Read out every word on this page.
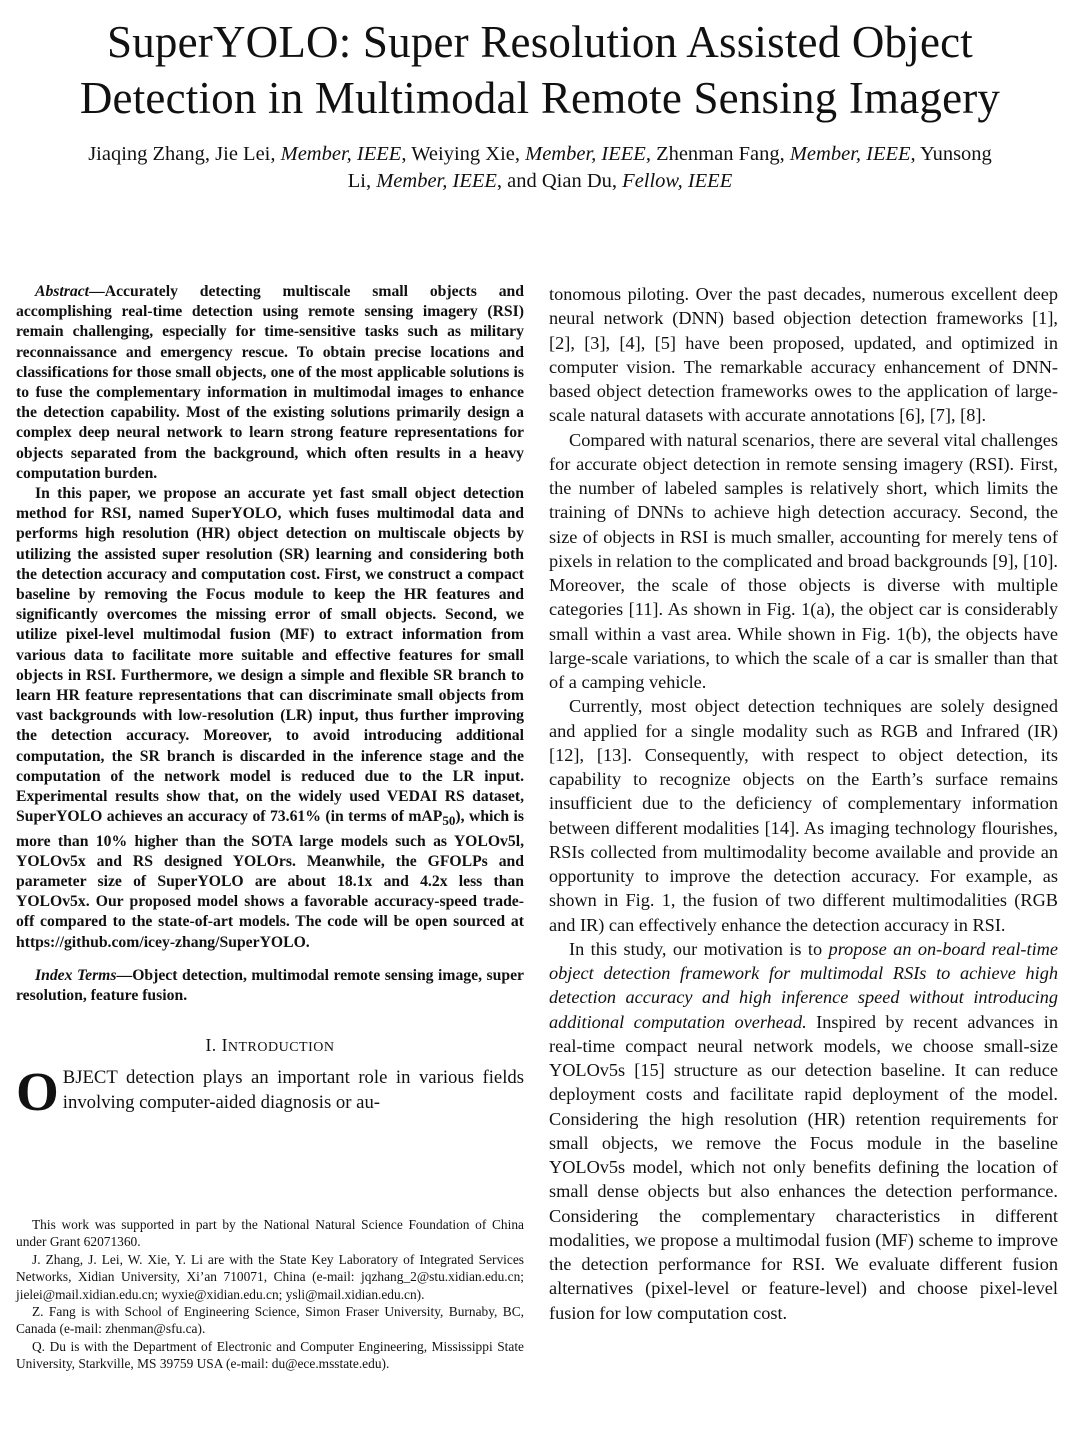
SuperYOLO: Super Resolution Assisted Object
Detection in Multimodal Remote Sensing Imagery
Jiaqing Zhang, Jie Lei, Member, IEEE, Weiying Xie, Member, IEEE, Zhenman Fang, Member, IEEE, Yunsong
Li, Member, IEEE, and Qian Du, Fellow, IEEE

Abstract—Accurately detecting multiscale small objects and accomplishing real-time detection using remote sensing imagery (RSI) remain challenging, especially for time-sensitive tasks such as military reconnaissance and emergency rescue. To obtain precise locations and classifications for those small objects, one of the most applicable solutions is to fuse the complementary information in multimodal images to enhance the detection capability. Most of the existing solutions primarily design a complex deep neural network to learn strong feature representations for objects separated from the background, which often results in a heavy computation burden.

In this paper, we propose an accurate yet fast small object detection method for RSI, named SuperYOLO, which fuses multimodal data and performs high resolution (HR) object detection on multiscale objects by utilizing the assisted super resolution (SR) learning and considering both the detection accuracy and computation cost. First, we construct a compact baseline by removing the Focus module to keep the HR features and significantly overcomes the missing error of small objects. Second, we utilize pixel-level multimodal fusion (MF) to extract information from various data to facilitate more suitable and effective features for small objects in RSI. Furthermore, we design a simple and flexible SR branch to learn HR feature representations that can discriminate small objects from vast backgrounds with low-resolution (LR) input, thus further improving the detection accuracy. Moreover, to avoid introducing additional computation, the SR branch is discarded in the inference stage and the computation of the network model is reduced due to the LR input. Experimental results show that, on the widely used VEDAI RS dataset, SuperYOLO achieves an accuracy of 73.61% (in terms of mAP$_{50}$), which is more than 10% higher than the SOTA large models such as YOLOv5l, YOLOv5x and RS designed YOLOrs. Meanwhile, the GFOLPs and parameter size of SuperYOLO are about 18.1x and 4.2x less than YOLOv5x. Our proposed model shows a favorable accuracy-speed trade-off compared to the state-of-art models. The code will be open sourced at https://github.com/icey-zhang/SuperYOLO.

Index Terms—Object detection, multimodal remote sensing image, super resolution, feature fusion.
I. INTRODUCTION

OBJECT detection plays an important role in various fields involving computer-aided diagnosis or au-

This work was supported in part by the National Natural Science Foundation of China under Grant 62071360.

J. Zhang, J. Lei, W. Xie, Y. Li are with the State Key Laboratory of Integrated Services Networks, Xidian University, Xi’an 710071, China (e-mail: jqzhang_2@stu.xidian.edu.cn; jielei@mail.xidian.edu.cn; wyxie@xidian.edu.cn; ysli@mail.xidian.edu.cn).

Z. Fang is with School of Engineering Science, Simon Fraser University, Burnaby, BC, Canada (e-mail: zhenman@sfu.ca).

Q. Du is with the Department of Electronic and Computer Engineering, Mississippi State University, Starkville, MS 39759 USA (e-mail: du@ece.msstate.edu).

tonomous piloting. Over the past decades, numerous excellent deep neural network (DNN) based objection detection frameworks [1], [2], [3], [4], [5] have been proposed, updated, and optimized in computer vision. The remarkable accuracy enhancement of DNN-based object detection frameworks owes to the application of large-scale natural datasets with accurate annotations [6], [7], [8].

Compared with natural scenarios, there are several vital challenges for accurate object detection in remote sensing imagery (RSI). First, the number of labeled samples is relatively short, which limits the training of DNNs to achieve high detection accuracy. Second, the size of objects in RSI is much smaller, accounting for merely tens of pixels in relation to the complicated and broad backgrounds [9], [10]. Moreover, the scale of those objects is diverse with multiple categories [11]. As shown in Fig. 1(a), the object car is considerably small within a vast area. While shown in Fig. 1(b), the objects have large-scale variations, to which the scale of a car is smaller than that of a camping vehicle.

Currently, most object detection techniques are solely designed and applied for a single modality such as RGB and Infrared (IR) [12], [13]. Consequently, with respect to object detection, its capability to recognize objects on the Earth’s surface remains insufficient due to the deficiency of complementary information between different modalities [14]. As imaging technology flourishes, RSIs collected from multimodality become available and provide an opportunity to improve the detection accuracy. For example, as shown in Fig. 1, the fusion of two different multimodalities (RGB and IR) can effectively enhance the detection accuracy in RSI.

In this study, our motivation is to propose an on-board real-time object detection framework for multimodal RSIs to achieve high detection accuracy and high inference speed without introducing additional computation overhead. Inspired by recent advances in real-time compact neural network models, we choose small-size YOLOv5s [15] structure as our detection baseline. It can reduce deployment costs and facilitate rapid deployment of the model. Considering the high resolution (HR) retention requirements for small objects, we remove the Focus module in the baseline YOLOv5s model, which not only benefits defining the location of small dense objects but also enhances the detection performance. Considering the complementary characteristics in different modalities, we propose a multimodal fusion (MF) scheme to improve the detection performance for RSI. We evaluate different fusion alternatives (pixel-level or feature-level) and choose pixel-level fusion for low computation cost.
